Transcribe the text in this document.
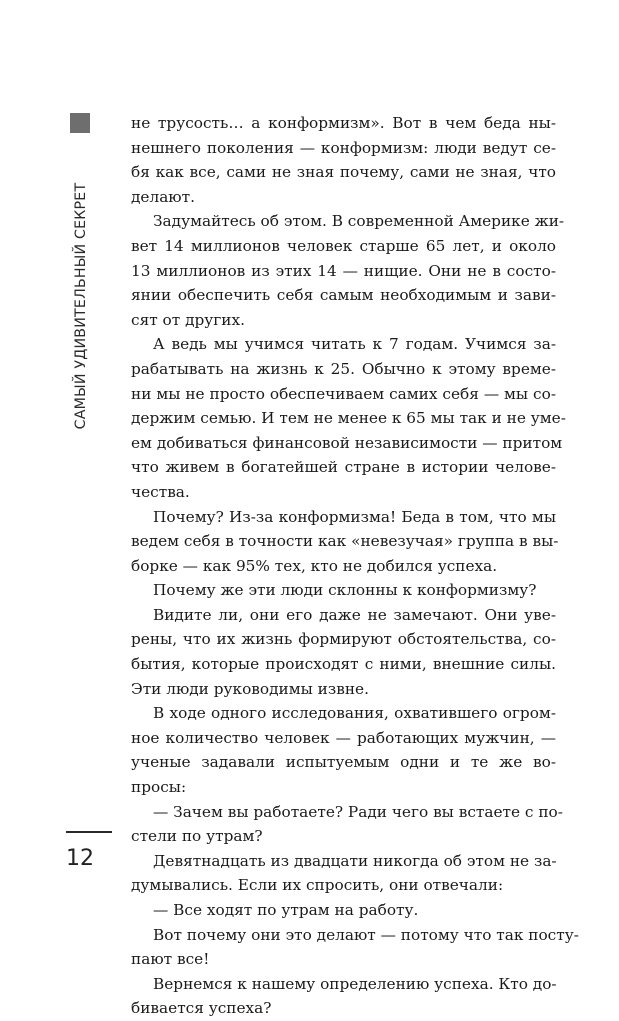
САМЫЙ УДИВИТЕЛЬНЫЙ СЕКРЕТ
12
не трусость… а конформизм». Вот в чем беда ны-
нешнего поколения — конформизм: люди ведут се-
бя как все, сами не зная почему, сами не зная, что
делают.
Задумайтесь об этом. В современной Америке жи-
вет 14 миллионов человек старше 65 лет, и около
13 миллионов из этих 14 — нищие. Они не в состо-
янии обеспечить себя самым необходимым и зави-
сят от других.
А ведь мы учимся читать к 7 годам. Учимся за-
рабатывать на жизнь к 25. Обычно к этому време-
ни мы не просто обеспечиваем самих себя — мы со-
держим семью. И тем не менее к 65 мы так и не уме-
ем добиваться финансовой независимости — притом
что живем в богатейшей стране в истории челове-
чества.
Почему? Из-за конформизма! Беда в том, что мы
ведем себя в точности как «невезучая» группа в вы-
борке — как 95% тех, кто не добился успеха.
Почему же эти люди склонны к конформизму?
Видите ли, они его даже не замечают. Они уве-
рены, что их жизнь формируют обстоятельства, со-
бытия, которые происходят с ними, внешние силы.
Эти люди руководимы извне.
В ходе одного исследования, охватившего огром-
ное количество человек — работающих мужчин, —
ученые задавали испытуемым одни и те же во-
просы:
— Зачем вы работаете? Ради чего вы встаете с по-
стели по утрам?
Девятнадцать из двадцати никогда об этом не за-
думывались. Если их спросить, они отвечали:
— Все ходят по утрам на работу.
Вот почему они это делают — потому что так посту-
пают все!
Вернемся к нашему определению успеха. Кто до-
бивается успеха?
